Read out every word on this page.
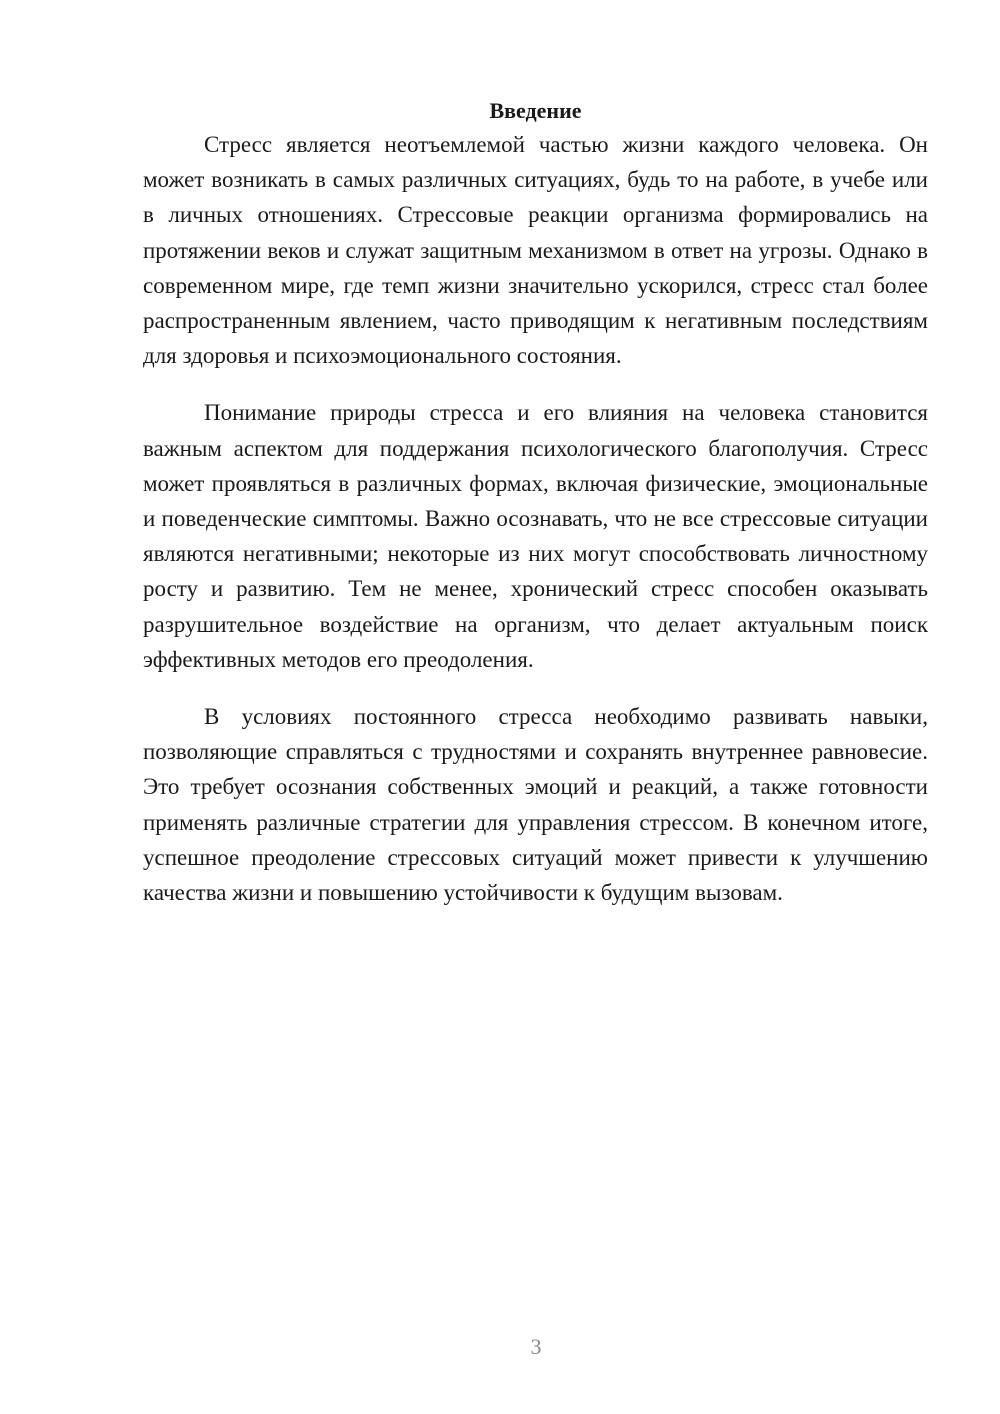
Введение

Стресс является неотъемлемой частью жизни каждого человека. Он может возникать в самых различных ситуациях, будь то на работе, в учебе или в личных отношениях. Стрессовые реакции организма формировались на протяжении веков и служат защитным механизмом в ответ на угрозы. Однако в современном мире, где темп жизни значительно ускорился, стресс стал более распространенным явлением, часто приводящим к негативным последствиям для здоровья и психоэмоционального состояния.

Понимание природы стресса и его влияния на человека становится важным аспектом для поддержания психологического благополучия. Стресс может проявляться в различных формах, включая физические, эмоциональные и поведенческие симптомы. Важно осознавать, что не все стрессовые ситуации являются негативными; некоторые из них могут способствовать личностному росту и развитию. Тем не менее, хронический стресс способен оказывать разрушительное воздействие на организм, что делает актуальным поиск эффективных методов его преодоления.

В условиях постоянного стресса необходимо развивать навыки, позволяющие справляться с трудностями и сохранять внутреннее равновесие. Это требует осознания собственных эмоций и реакций, а также готовности применять различные стратегии для управления стрессом. В конечном итоге, успешное преодоление стрессовых ситуаций может привести к улучшению качества жизни и повышению устойчивости к будущим вызовам.

3
